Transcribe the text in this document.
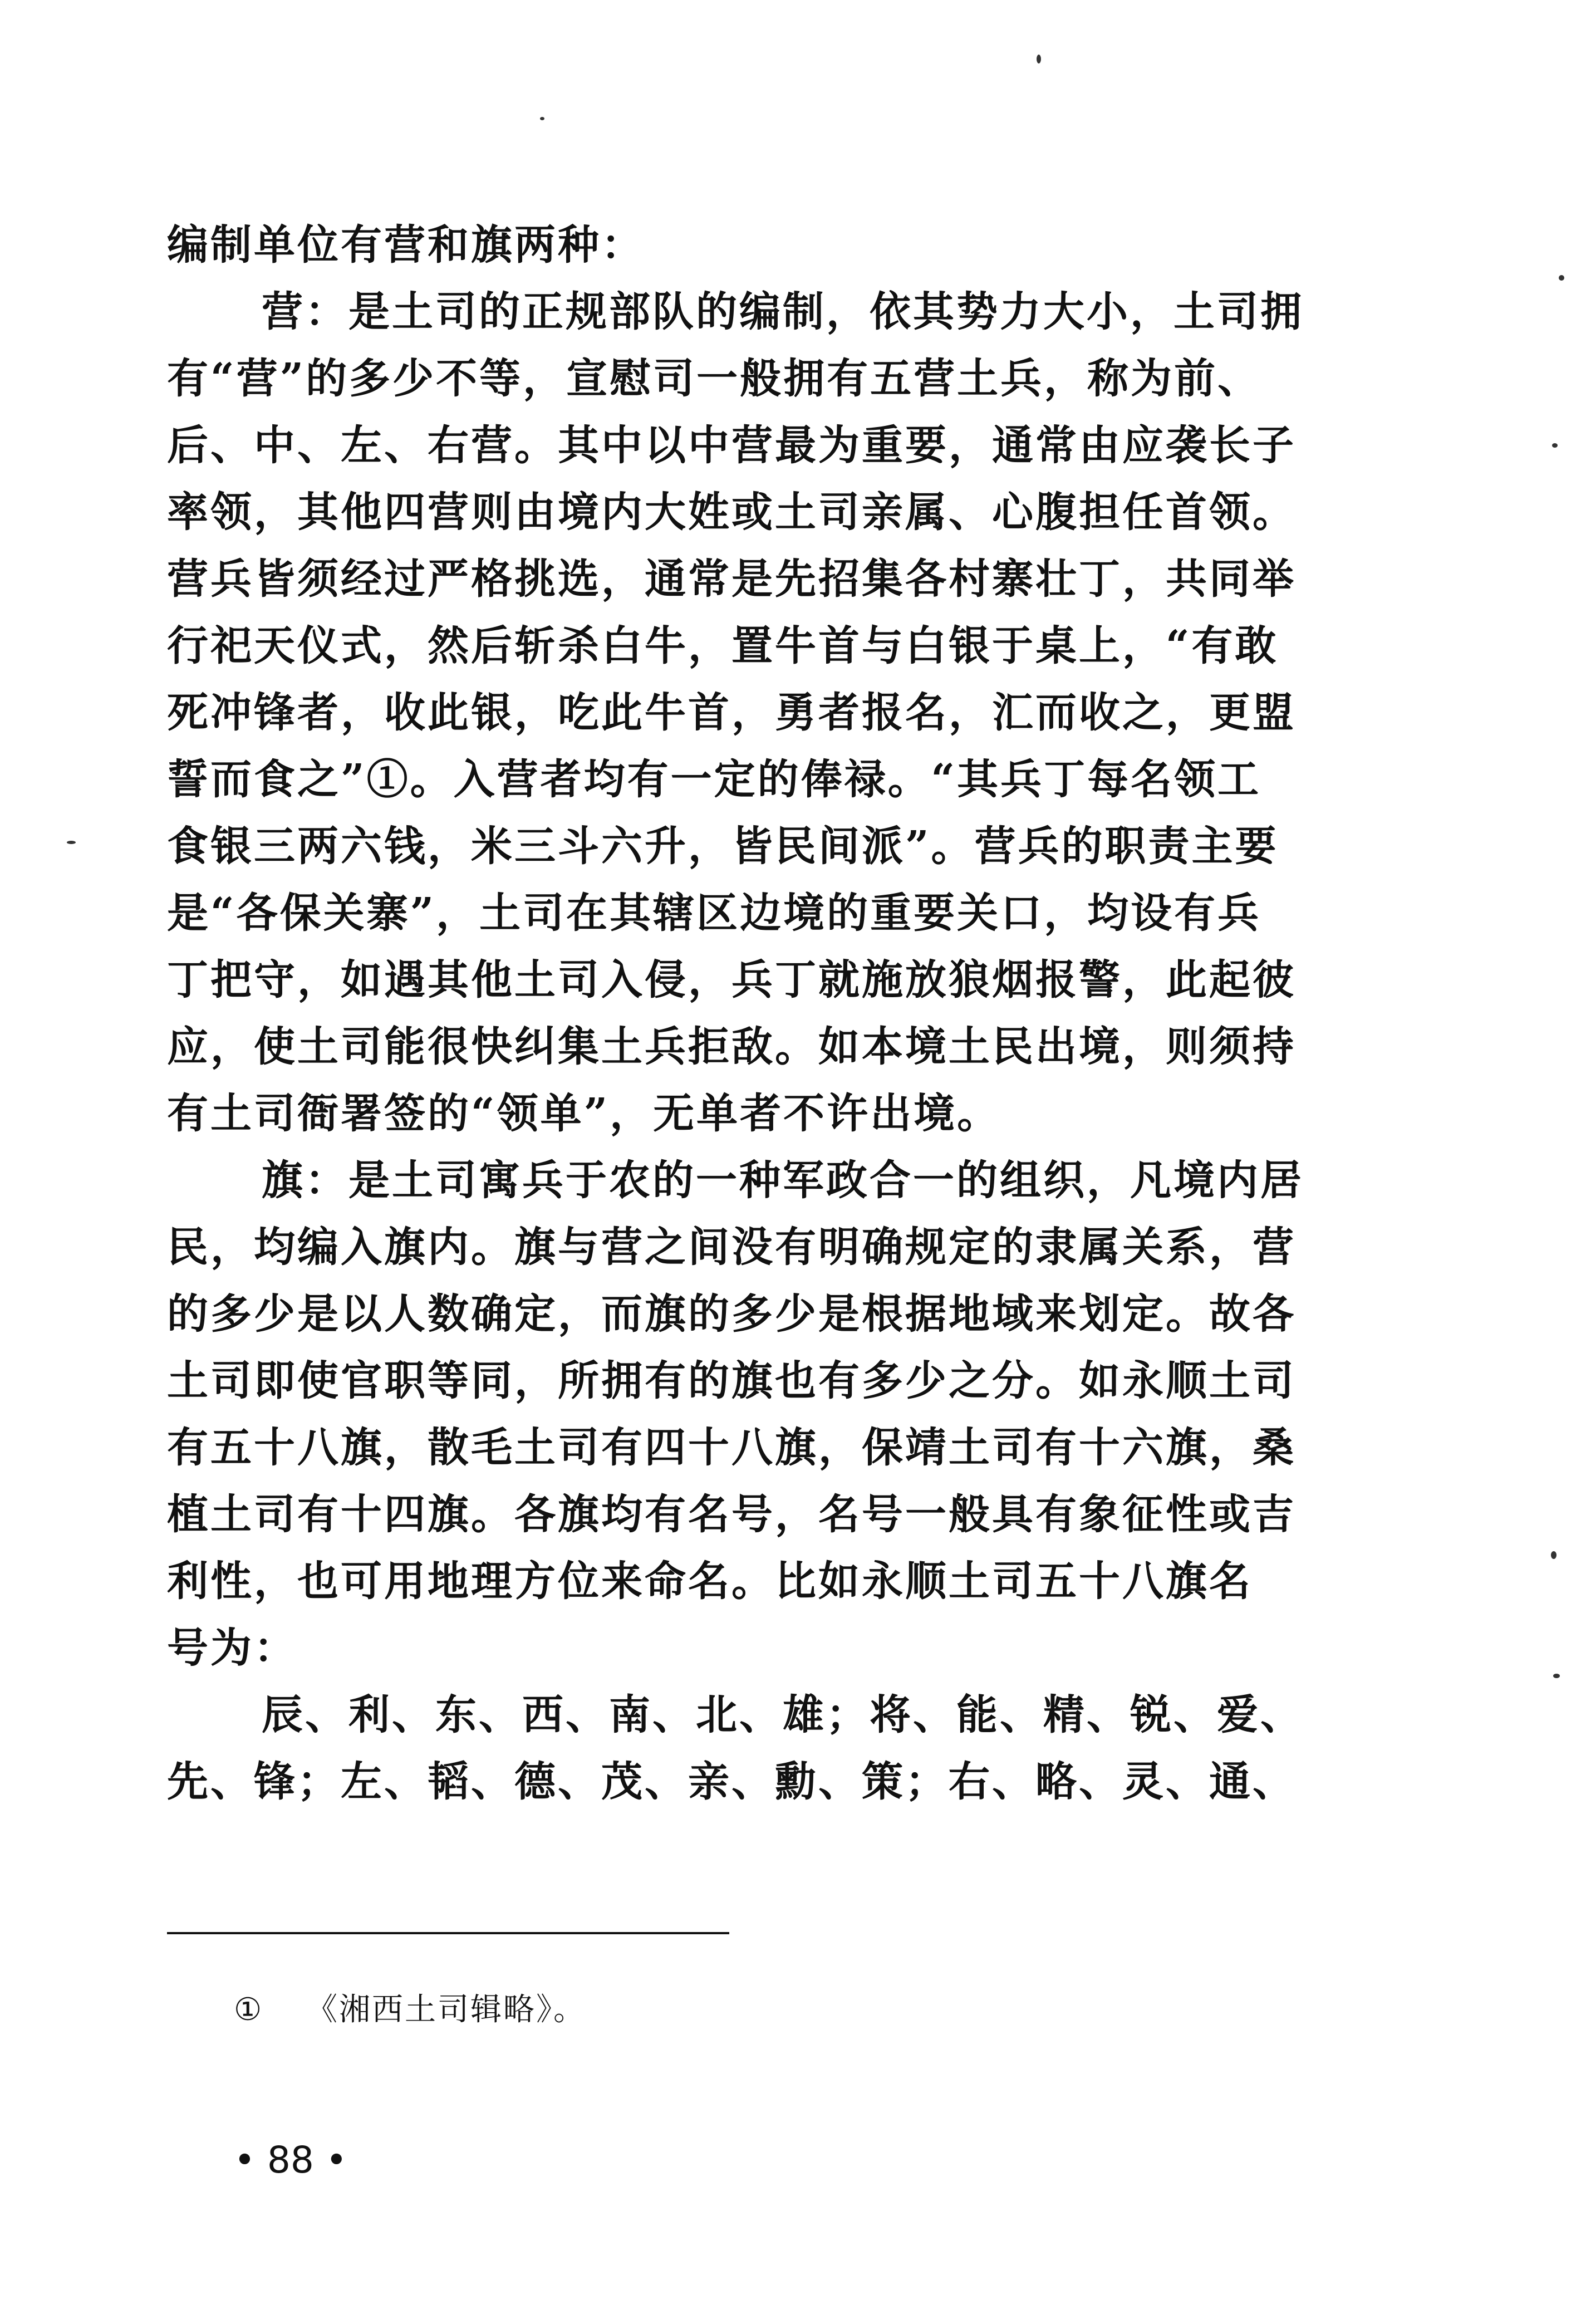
编制单位有营和旗两种：
营：是土司的正规部队的编制，依其势力大小，土司拥
有“营”的多少不等，宣慰司一般拥有五营土兵，称为前、
后、中、左、右营。其中以中营最为重要，通常由应袭长子
率领，其他四营则由境内大姓或土司亲属、心腹担任首领。
营兵皆须经过严格挑选，通常是先招集各村寨壮丁，共同举
行祀天仪式，然后斩杀白牛，置牛首与白银于桌上，“有敢
死冲锋者，收此银，吃此牛首，勇者报名，汇而收之，更盟
誓而食之”①。入营者均有一定的俸禄。“其兵丁每名领工
食银三两六钱，米三斗六升，皆民间派”。营兵的职责主要
是“各保关寨”，土司在其辖区边境的重要关口，均设有兵
丁把守，如遇其他土司入侵，兵丁就施放狼烟报警，此起彼
应，使土司能很快纠集土兵拒敌。如本境土民出境，则须持
有土司衙署签的“领单”，无单者不许出境。
旗：是土司寓兵于农的一种军政合一的组织，凡境内居
民，均编入旗内。旗与营之间没有明确规定的隶属关系，营
的多少是以人数确定，而旗的多少是根据地域来划定。故各
土司即使官职等同，所拥有的旗也有多少之分。如永顺土司
有五十八旗，散毛土司有四十八旗，保靖土司有十六旗，桑
植土司有十四旗。各旗均有名号，名号一般具有象征性或吉
利性，也可用地理方位来命名。比如永顺土司五十八旗名
号为：
辰、利、东、西、南、北、雄；将、能、精、锐、爱、
先、锋；左、韬、德、茂、亲、勳、策；右、略、灵、通、
① 《湘西土司辑略》。
• 88 •
